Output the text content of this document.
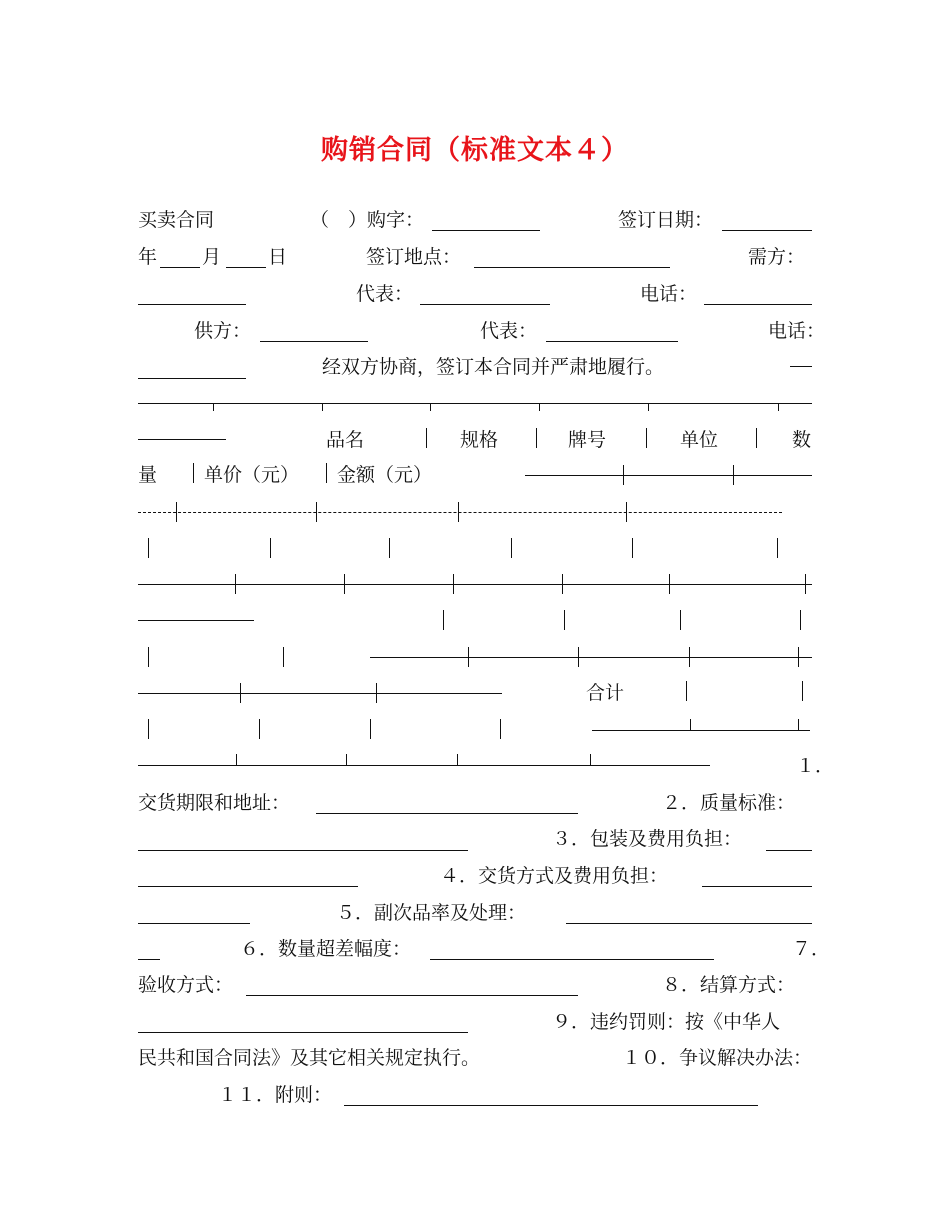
购销合同（标准文本４）
买卖合同	（　）购字：	签订日期：
年 月 日	签订地点：	需方：
代表：	电话：
供方：	代表：	电话：
经双方协商，签订本合同并严肃地履行。
品名	规格	牌号	单位	数
量 单价（元） 金额（元）
合计
１．
交货期限和地址：	２．质量标准：
３．包装及费用负担：
４．交货方式及费用负担：
５．副次品率及处理：
６．数量超差幅度：	７．
验收方式：	８．结算方式：
９．违约罚则：按《中华人
民共和国合同法》及其它相关规定执行。	１０．争议解决办法：
１１．附则：
